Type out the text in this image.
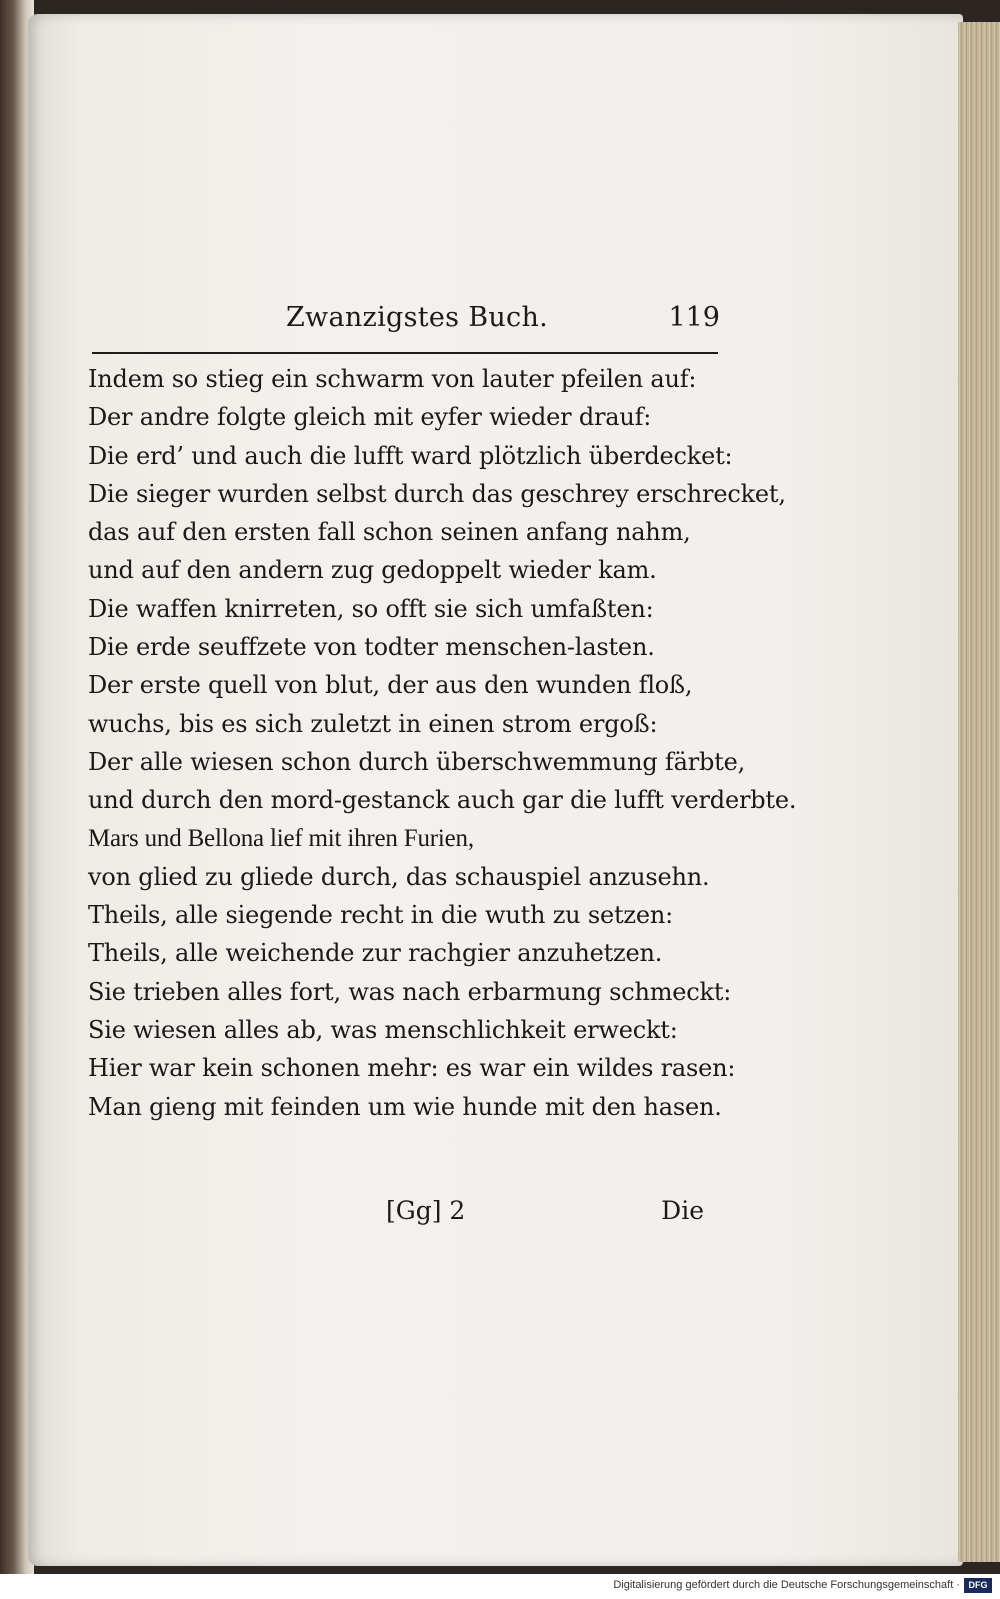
Zwanzigstes Buch.	119
Indem so stieg ein schwarm von lauter pfeilen auf:
Der andre folgte gleich mit eyfer wieder drauf:
Die erd’ und auch die lufft ward plötzlich überdecket:
Die sieger wurden selbst durch das geschrey erschrecket,
das auf den ersten fall schon seinen anfang nahm,
und auf den andern zug gedoppelt wieder kam.
Die waffen knirreten, so offt sie sich umfaßten:
Die erde seuffzete von todter menschen-lasten.
Der erste quell von blut, der aus den wunden floß,
wuchs, bis es sich zuletzt in einen strom ergoß:
Der alle wiesen schon durch überschwemmung färbte,
und durch den mord-gestanck auch gar die lufft verderbte.
Mars und Bellona lief mit ihren Furien,
von glied zu gliede durch, das schauspiel anzusehn.
Theils, alle siegende recht in die wuth zu setzen:
Theils, alle weichende zur rachgier anzuhetzen.
Sie trieben alles fort, was nach erbarmung schmeckt:
Sie wiesen alles ab, was menschlichkeit erweckt:
Hier war kein schonen mehr: es war ein wildes rasen:
Man gieng mit feinden um wie hunde mit den hasen.
[Gg] 2	Die
Digitalisierung gefördert durch die Deutsche Forschungsgemeinschaft · DFG
